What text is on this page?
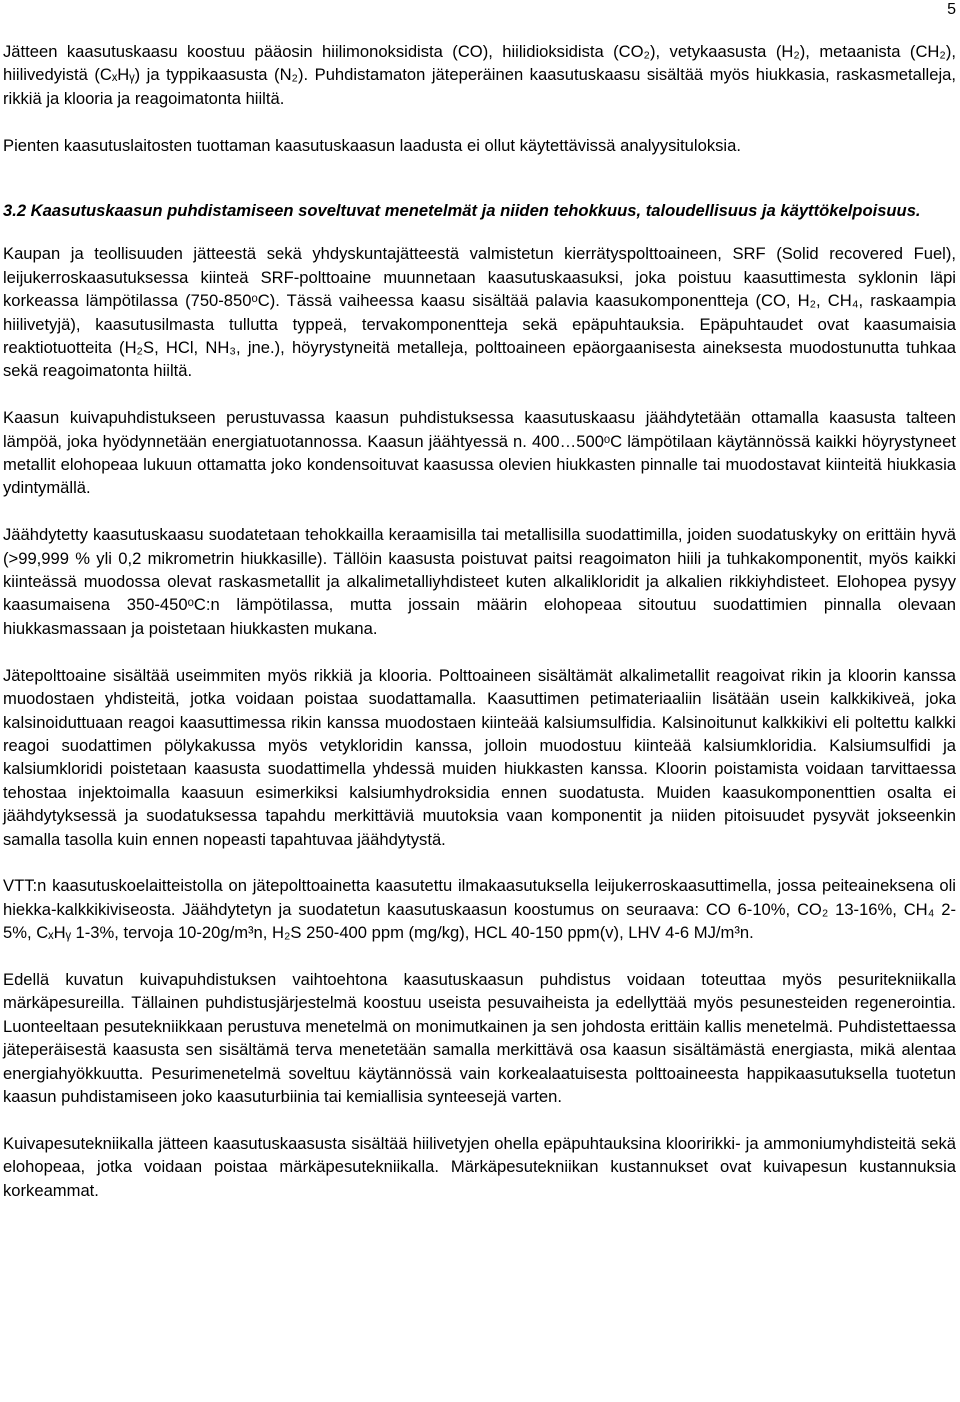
5

Jätteen kaasutuskaasu koostuu pääosin hiilimonoksidista (CO), hiilidioksidista (CO₂), vetykaasusta (H₂), metaanista (CH₂), hiilivedyistä (CₓHᵧ) ja typpikaasusta (N₂). Puhdistamaton jäteperäinen kaasutuskaasu sisältää myös hiukkasia, raskasmetalleja, rikkiä ja klooria ja reagoimatonta hiiltä.

Pienten kaasutuslaitosten tuottaman kaasutuskaasun laadusta ei ollut käytettävissä analyysituloksia.

3.2 Kaasutuskaasun puhdistamiseen soveltuvat menetelmät ja niiden tehokkuus, taloudellisuus ja käyttökelpoisuus.

Kaupan ja teollisuuden jätteestä sekä yhdyskuntajätteestä valmistetun kierrätyspolttoaineen, SRF (Solid recovered Fuel), leijukerroskaasutuksessa kiinteä SRF-polttoaine muunnetaan kaasutuskaasuksi, joka poistuu kaasuttimesta syklonin läpi korkeassa lämpötilassa (750-850ᵒC). Tässä vaiheessa kaasu sisältää palavia kaasukomponentteja (CO, H₂, CH₄, raskaampia hiilivetyjä), kaasutusilmasta tullutta typpeä, tervakomponentteja sekä epäpuhtauksia. Epäpuhtaudet ovat kaasumaisia reaktiotuotteita (H₂S, HCl, NH₃, jne.), höyrystyneitä metalleja, polttoaineen epäorgaanisesta aineksesta muodostunutta tuhkaa sekä reagoimatonta hiiltä.

Kaasun kuivapuhdistukseen perustuvassa kaasun puhdistuksessa kaasutuskaasu jäähdytetään ottamalla kaasusta talteen lämpöä, joka hyödynnetään energiatuotannossa. Kaasun jäähtyessä n. 400…500ᵒC lämpötilaan käytännössä kaikki höyrystyneet metallit elohopeaa lukuun ottamatta joko kondensoituvat kaasussa olevien hiukkasten pinnalle tai muodostavat kiinteitä hiukkasia ydintymällä.

Jäähdytetty kaasutuskaasu suodatetaan tehokkailla keraamisilla tai metallisilla suodattimilla, joiden suodatuskyky on erittäin hyvä (>99,999 % yli 0,2 mikrometrin hiukkasille). Tällöin kaasusta poistuvat paitsi reagoimaton hiili ja tuhkakomponentit, myös kaikki kiinteässä muodossa olevat raskasmetallit ja alkalimetalliyhdisteet kuten alkalikloridit ja alkalien rikkiyhdisteet. Elohopea pysyy kaasumaisena 350-450ᵒC:n lämpötilassa, mutta jossain määrin elohopeaa sitoutuu suodattimien pinnalla olevaan hiukkasmassaan ja poistetaan hiukkasten mukana.

Jätepolttoaine sisältää useimmiten myös rikkiä ja klooria. Polttoaineen sisältämät alkalimetallit reagoivat rikin ja kloorin kanssa muodostaen yhdisteitä, jotka voidaan poistaa suodattamalla. Kaasuttimen petimateriaaliin lisätään usein kalkkikiveä, joka kalsinoiduttuaan reagoi kaasuttimessa rikin kanssa muodostaen kiinteää kalsiumsulfidia. Kalsinoitunut kalkkikivi eli poltettu kalkki reagoi suodattimen pölykakussa myös vetykloridin kanssa, jolloin muodostuu kiinteää kalsiumkloridia. Kalsiumsulfidi ja kalsiumkloridi poistetaan kaasusta suodattimella yhdessä muiden hiukkasten kanssa. Kloorin poistamista voidaan tarvittaessa tehostaa injektoimalla kaasuun esimerkiksi kalsiumhydroksidia ennen suodatusta. Muiden kaasukomponenttien osalta ei jäähdytyksessä ja suodatuksessa tapahdu merkittäviä muutoksia vaan komponentit ja niiden pitoisuudet pysyvät jokseenkin samalla tasolla kuin ennen nopeasti tapahtuvaa jäähdytystä.

VTT:n kaasutuskoelaitteistolla on jätepolttoainetta kaasutettu ilmakaasutuksella leijukerroskaasuttimella, jossa peiteaineksena oli hiekka-kalkkikiviseosta. Jäähdytetyn ja suodatetun kaasutuskaasun koostumus on seuraava: CO 6-10%, CO₂ 13-16%, CH₄ 2-5%, CₓHᵧ 1-3%, tervoja 10-20g/m³n, H₂S 250-400 ppm (mg/kg), HCL 40-150 ppm(v), LHV 4-6 MJ/m³n.

Edellä kuvatun kuivapuhdistuksen vaihtoehtona kaasutuskaasun puhdistus voidaan toteuttaa myös pesuritekniikalla märkäpesureilla. Tällainen puhdistusjärjestelmä koostuu useista pesuvaiheista ja edellyttää myös pesunesteiden regenerointia. Luonteeltaan pesutekniikkaan perustuva menetelmä on monimutkainen ja sen johdosta erittäin kallis menetelmä. Puhdistettaessa jäteperäisestä kaasusta sen sisältämä terva menetetään samalla merkittävä osa kaasun sisältämästä energiasta, mikä alentaa energiahyökkuutta. Pesurimenetelmä soveltuu käytännössä vain korkealaatuisesta polttoaineesta happikaasutuksella tuotetun kaasun puhdistamiseen joko kaasuturbiinia tai kemiallisia synteesejä varten.

Kuivapesutekniikalla jätteen kaasutuskaasusta sisältää hiilivetyjen ohella epäpuhtauksina klooririkki- ja ammoniumyhdisteitä sekä elohopeaa, jotka voidaan poistaa märkäpesutekniikalla. Märkäpesutekniikan kustannukset ovat kuivapesun kustannuksia korkeammat.
